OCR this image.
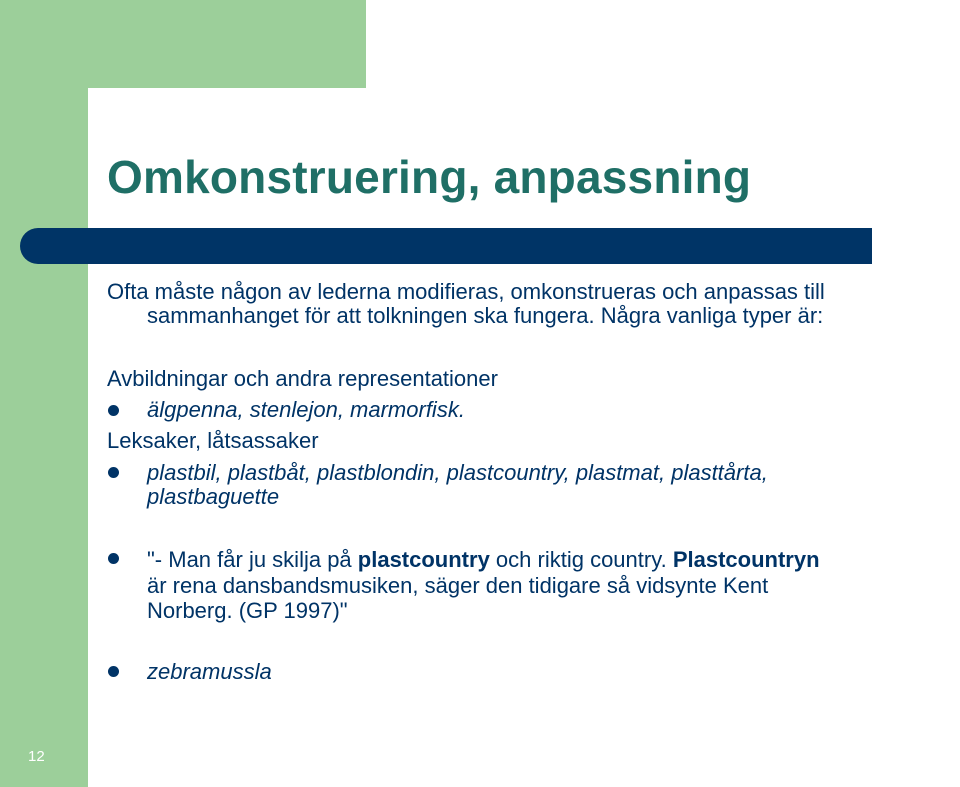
Omkonstruering, anpassning
Ofta måste någon av lederna modifieras, omkonstrueras och anpassas till
sammanhanget för att tolkningen ska fungera. Några vanliga typer är:
Avbildningar och andra representationer
älgpenna, stenlejon, marmorfisk.
Leksaker, låtsassaker
plastbil, plastbåt, plastblondin, plastcountry, plastmat, plasttårta,
plastbaguette
"- Man får ju skilja på plastcountry och riktig country. Plastcountryn
är rena dansbandsmusiken, säger den tidigare så vidsynte Kent
Norberg. (GP 1997)"
zebramussla
12
